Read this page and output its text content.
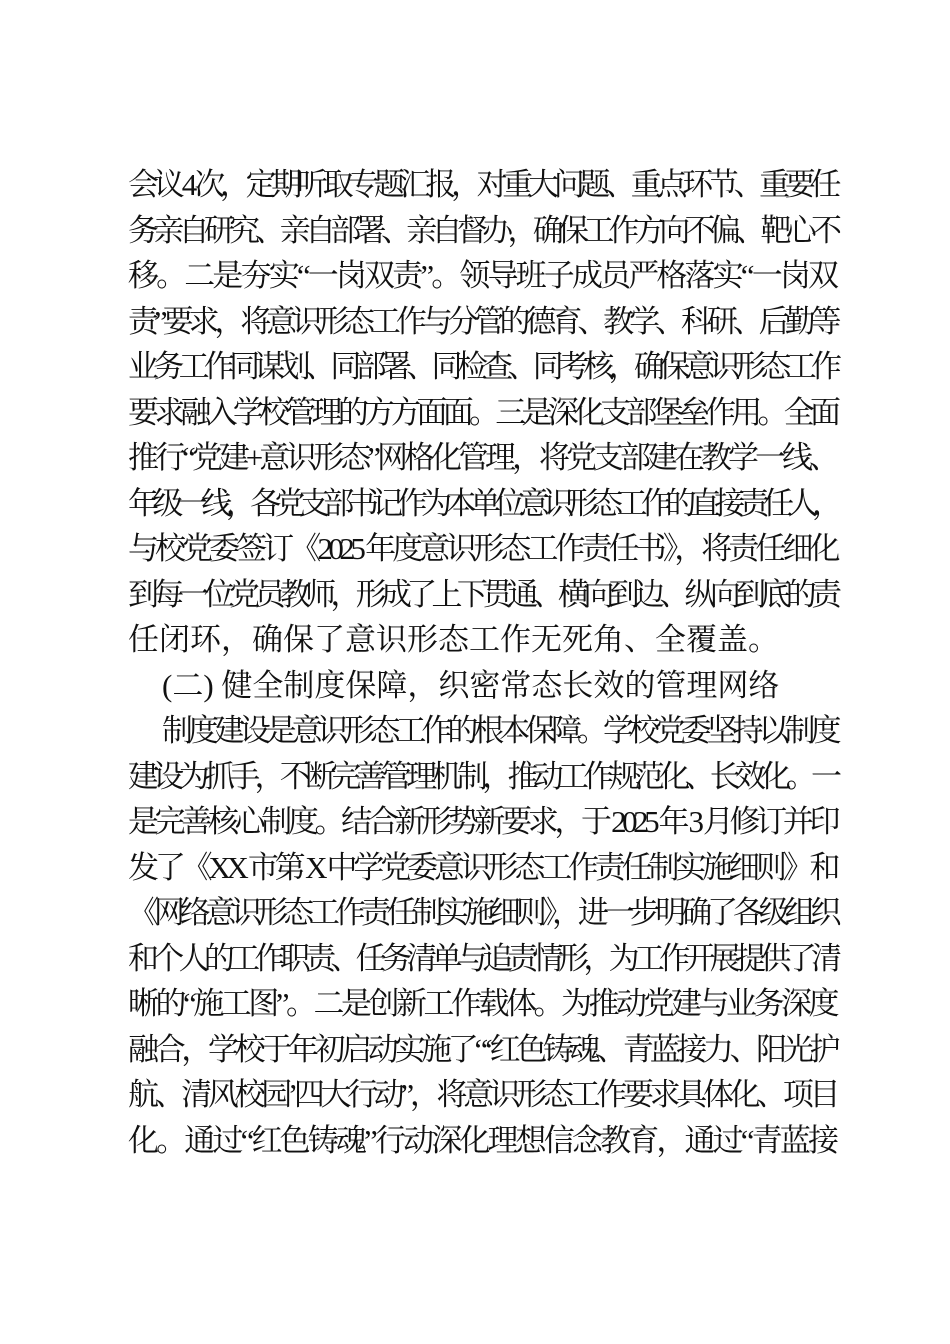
会议 4 次，定期听取专题汇报，对重大问题、重点环节、重要任
务亲自研究、亲自部署、亲自督办，确保工作方向不偏、靶心不
移。二是夯实“一岗双责”。领导班子成员严格落实“一岗双
责”要求，将意识形态工作与分管的德育、教学、科研、后勤等
业务工作同谋划、同部署、同检查、同考核，确保意识形态工作
要求融入学校管理的方方面面。三是深化支部堡垒作用。全面
推行“党建+意识形态”网格化管理，将党支部建在教学一线、
年级一线，各党支部书记作为本单位意识形态工作的直接责任人，
与校党委签订《2025 年度意识形态工作责任书》，将责任细化
到每一位党员教师，形成了上下贯通、横向到边、纵向到底的责
任闭环，确保了意识形态工作无死角、全覆盖。
(二) 健全制度保障，织密常态长效的管理网络
制度建设是意识形态工作的根本保障。学校党委坚持以制度
建设为抓手，不断完善管理机制，推动工作规范化、长效化。一
是完善核心制度。结合新形势新要求，于 2025 年 3 月修订并印
发了《XX 市第 X 中学党委意识形态工作责任制实施细则》和
《网络意识形态工作责任制实施细则》，进一步明确了各级组织
和个人的工作职责、任务清单与追责情形，为工作开展提供了清
晰的“施工图”。二是创新工作载体。为推动党建与业务深度
融合，学校于年初启动实施了“‘红色铸魂、青蓝接力、阳光护
航、清风校园’四大行动”，将意识形态工作要求具体化、项目
化。通过“红色铸魂”行动深化理想信念教育，通过“青蓝接
